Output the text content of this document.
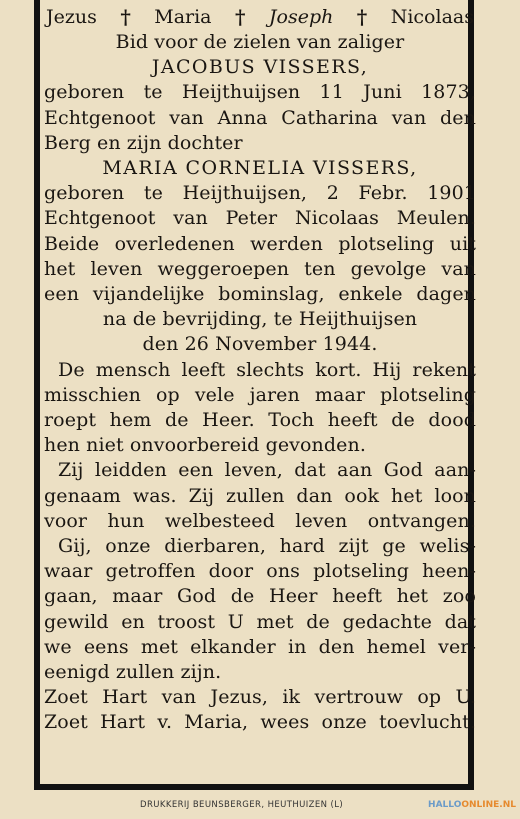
Jezus † Maria † Joseph † Nicolaas
Bid voor de zielen van zaliger
JACOBUS VISSERS,
geboren te Heijthuijsen 11 Juni 1873,
Echtgenoot van Anna Catharina van den
Berg en zijn dochter
MARIA CORNELIA VISSERS,
geboren te Heijthuijsen, 2 Febr. 1901
Echtgenoot van Peter Nicolaas Meulen.
Beide overledenen werden plotseling uit
het leven weggeroepen ten gevolge van
een vijandelijke bominslag, enkele dagen
na de bevrijding, te Heijthuijsen
den 26 November 1944.
De mensch leeft slechts kort. Hij rekent
misschien op vele jaren maar plotseling
roept hem de Heer. Toch heeft de dood
hen niet onvoorbereid gevonden.
Zij leidden een leven, dat aan God aan-
genaam was. Zij zullen dan ook het loon
voor hun welbesteed leven ontvangen.
Gij, onze dierbaren, hard zijt ge welis-
waar getroffen door ons plotseling heen-
gaan, maar God de Heer heeft het zoo
gewild en troost U met de gedachte dat
we eens met elkander in den hemel ver-
eenigd zullen zijn.
Zoet Hart van Jezus, ik vertrouw op U.
Zoet Hart v. Maria, wees onze toevlucht.
DRUKKERIJ BEUNSBERGER, HEUTHUIZEN (L)	HALLOONLINE.NL
